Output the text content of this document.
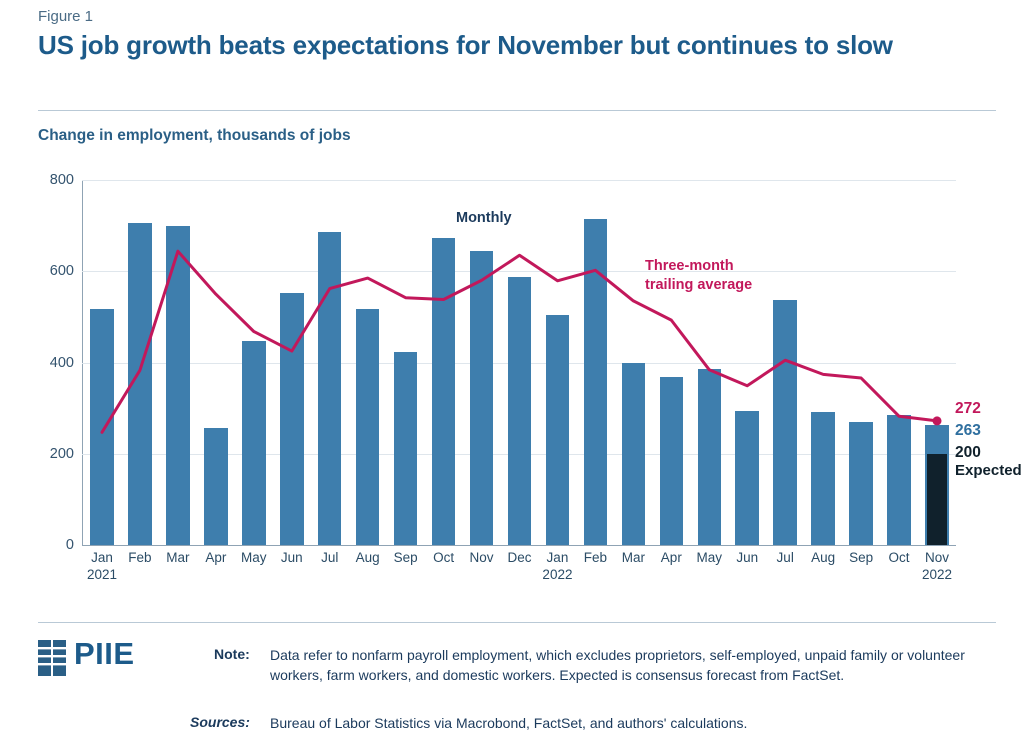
Figure 1
US job growth beats expectations for November but continues to slow
Change in employment, thousands of jobs
800
600
400
200
0
Jan
2021
Feb Mar Apr May Jun Jul Aug Sep Oct Nov Dec	Jan
2022
Feb Mar Apr May Jun Jul Aug Sep Oct Nov
2022
Monthly
Three-month
trailing average
272
263
200
Expected
PIIE	Note: Data refer to nonfarm payroll employment, which excludes proprietors, self-employed, unpaid family or volunteer workers, farm workers, and domestic workers. Expected is consensus forecast from FactSet.
Sources: Bureau of Labor Statistics via Macrobond, FactSet, and authors' calculations.
